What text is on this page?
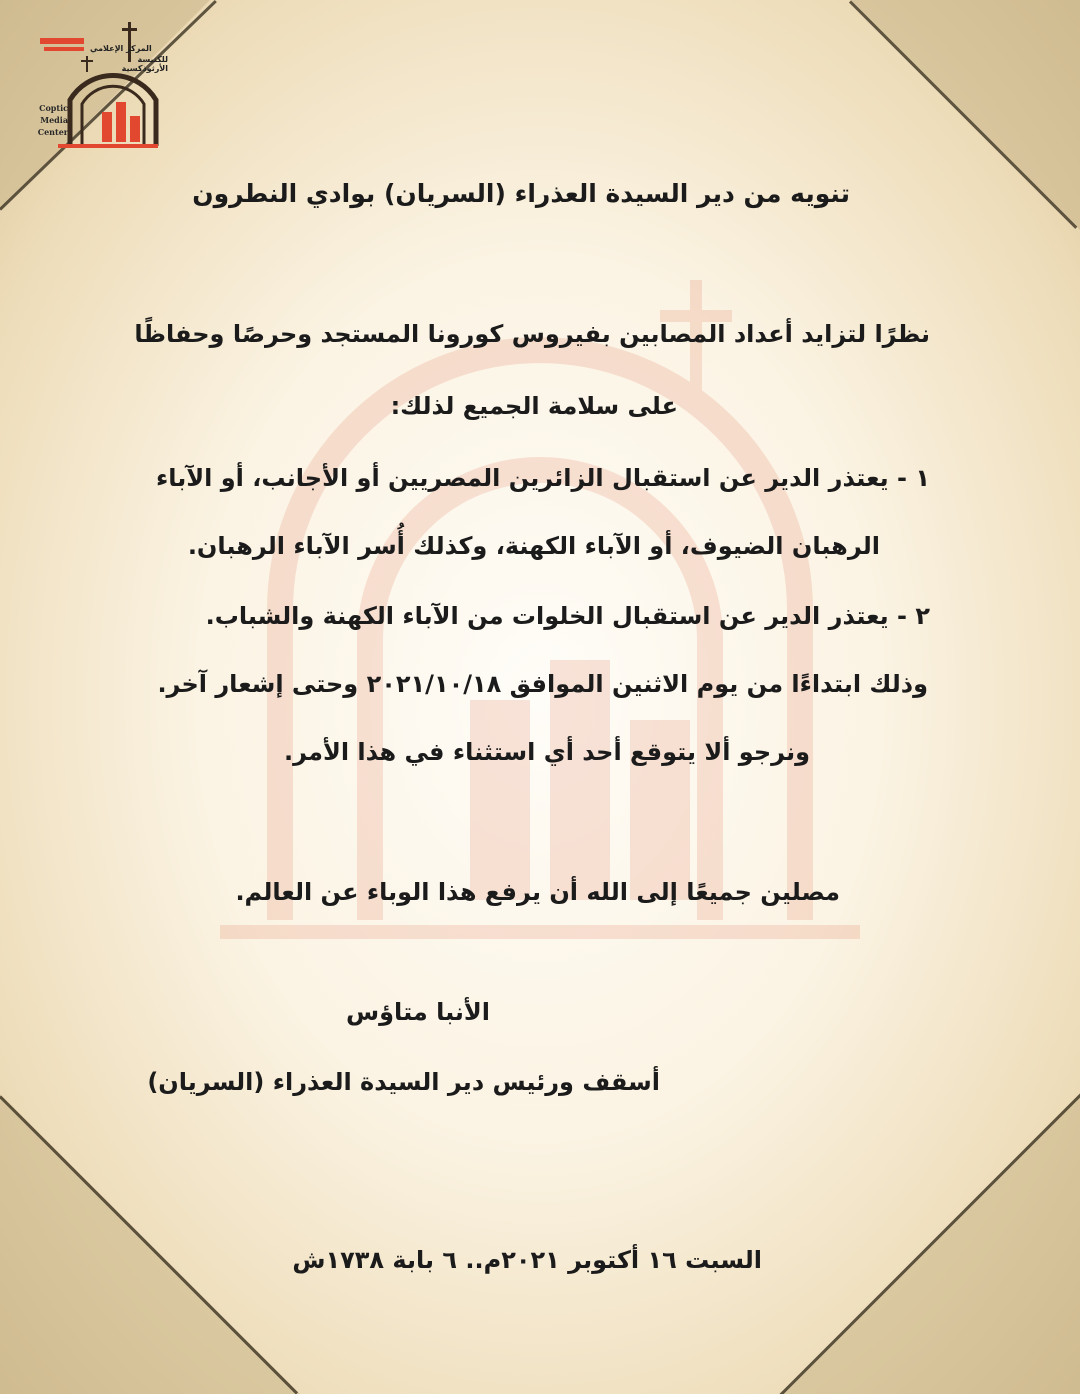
المركز الإعلامي
للكنيسة الأرثوذكسية
Coptic
Media
Center
تنويه من دير السيدة العذراء (السريان) بوادي النطرون
نظرًا لتزايد أعداد المصابين بفيروس كورونا المستجد وحرصًا وحفاظًا
على سلامة الجميع لذلك:
١ - يعتذر الدير عن استقبال الزائرين المصريين أو الأجانب، أو الآباء
الرهبان الضيوف، أو الآباء الكهنة، وكذلك أُسر الآباء الرهبان.
٢ - يعتذر الدير عن استقبال الخلوات من الآباء الكهنة والشباب.
وذلك ابتداءًا من يوم الاثنين الموافق ٢٠٢١/١٠/١٨ وحتى إشعار آخر.
ونرجو ألا يتوقع أحد أي استثناء في هذا الأمر.
مصلين جميعًا إلى الله أن يرفع هذا الوباء عن العالم.
الأنبا متاؤس
أسقف ورئيس دير السيدة العذراء (السريان)
السبت ١٦ أكتوبر ٢٠٢١م.. ٦ بابة ١٧٣٨ش
